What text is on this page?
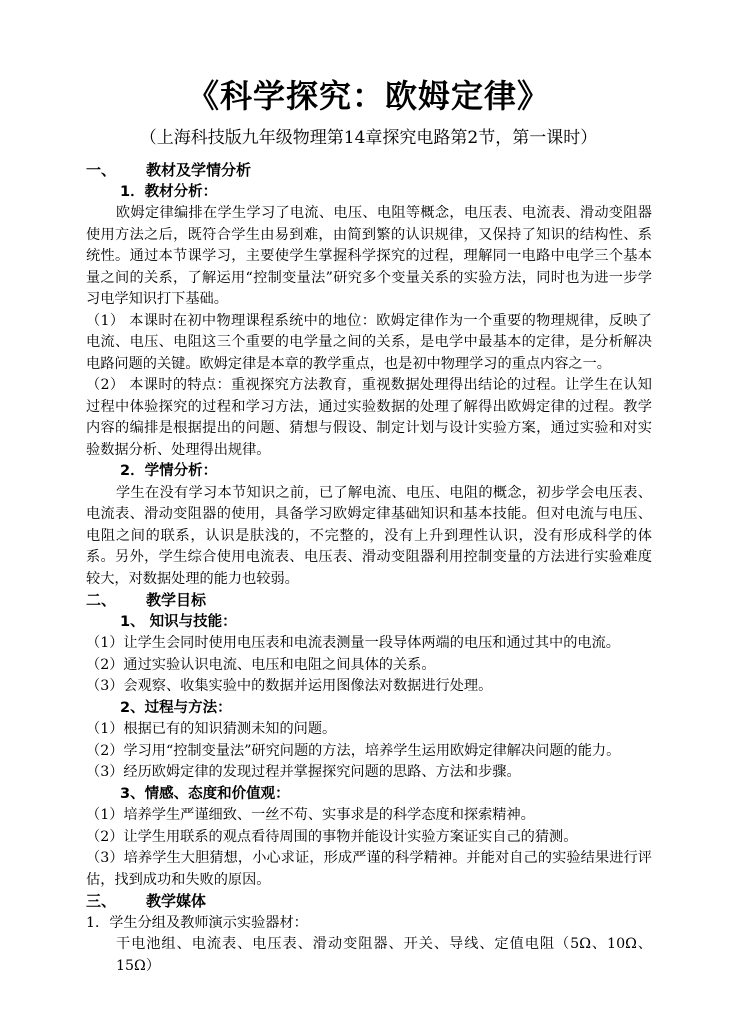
《科学探究：欧姆定律》
（上海科技版九年级物理第14章探究电路第2节，第一课时）

一、 教材及学情分析

1．教材分析：

欧姆定律编排在学生学习了电流、电压、电阻等概念，电压表、电流表、滑动变阻器使用方法之后，既符合学生由易到难，由简到繁的认识规律，又保持了知识的结构性、系统性。通过本节课学习，主要使学生掌握科学探究的过程，理解同一电路中电学三个基本量之间的关系，了解运用“控制变量法”研究多个变量关系的实验方法，同时也为进一步学习电学知识打下基础。

（1） 本课时在初中物理课程系统中的地位：欧姆定律作为一个重要的物理规律，反映了电流、电压、电阻这三个重要的电学量之间的关系，是电学中最基本的定律，是分析解决电路问题的关键。欧姆定律是本章的教学重点，也是初中物理学习的重点内容之一。

（2） 本课时的特点：重视探究方法教育，重视数据处理得出结论的过程。让学生在认知过程中体验探究的过程和学习方法，通过实验数据的处理了解得出欧姆定律的过程。教学内容的编排是根据提出的问题、猜想与假设、制定计划与设计实验方案，通过实验和对实验数据分析、处理得出规律。

2．学情分析：

学生在没有学习本节知识之前，已了解电流、电压、电阻的概念，初步学会电压表、电流表、滑动变阻器的使用，具备学习欧姆定律基础知识和基本技能。但对电流与电压、电阻之间的联系，认识是肤浅的，不完整的，没有上升到理性认识，没有形成科学的体系。另外，学生综合使用电流表、电压表、滑动变阻器利用控制变量的方法进行实验难度较大，对数据处理的能力也较弱。

二、 教学目标

1、 知识与技能：

（1）让学生会同时使用电压表和电流表测量一段导体两端的电压和通过其中的电流。

（2）通过实验认识电流、电压和电阻之间具体的关系。

（3）会观察、收集实验中的数据并运用图像法对数据进行处理。

2、过程与方法：

（1）根据已有的知识猜测未知的问题。

（2）学习用“控制变量法”研究问题的方法，培养学生运用欧姆定律解决问题的能力。

（3）经历欧姆定律的发现过程并掌握探究问题的思路、方法和步骤。

3、情感、态度和价值观：

（1）培养学生严谨细致、一丝不苟、实事求是的科学态度和探索精神。

（2）让学生用联系的观点看待周围的事物并能设计实验方案证实自己的猜测。

（3）培养学生大胆猜想，小心求证，形成严谨的科学精神。并能对自己的实验结果进行评估，找到成功和失败的原因。

三、 教学媒体

1．学生分组及教师演示实验器材：

干电池组、电流表、电压表、滑动变阻器、开关、导线、定值电阻（5Ω、10Ω、 15Ω）
